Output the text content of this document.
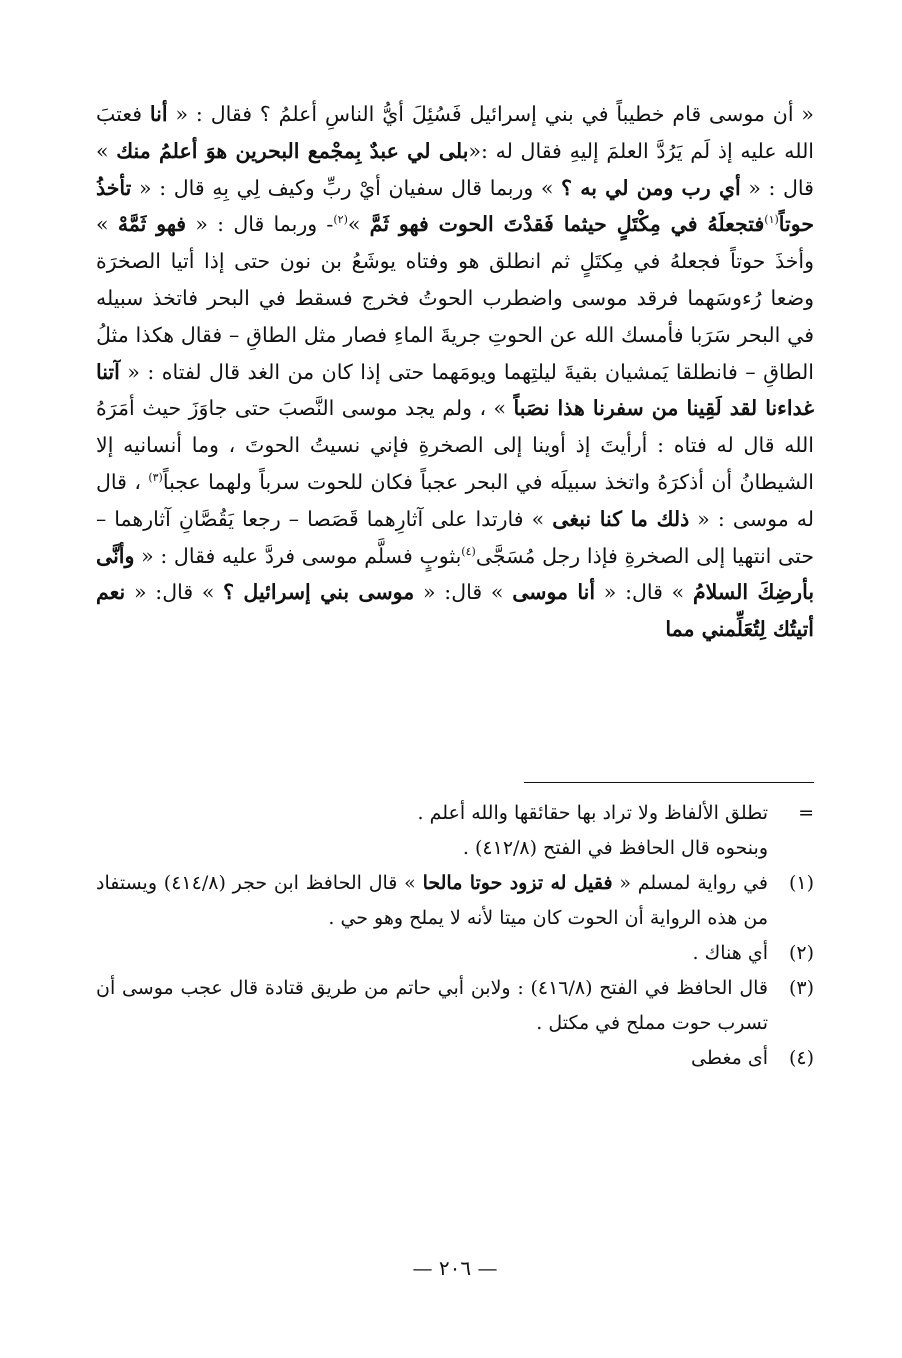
« أن موسى قام خطيباً في بني إسرائيل فَسُئِلَ أيُّ الناسِ أعلمُ ؟ فقال : « أنا فعتبَ الله عليه إذ لَم يَرُدَّ العلمَ إليهِ فقال له :«بلى لي عبدٌ بِمجْمع البحرين هوَ أعلمُ منك » قال : « أي رب ومن لي به ؟ » وربما قال سفيان أيْ ربِّ وكيف لِي بِهِ قال : « تأخذُ حوتاً$^{(١)}$فتجعلَهُ في مِكْتَلٍ حيثما فَقدْتَ الحوت فهو ثَمَّ »$^{(٢)}$- وربما قال : « فهو ثَمَّهْ » وأخذَ حوتاً فجعلهُ في مِكتَلٍ ثم انطلق هو وفتاه يوشَعُ بن نون حتى إذا أتيا الصخرَة وضعا رُءوسَهما فرقد موسى واضطرب الحوتُ فخرج فسقط في البحر فاتخذ سبيله في البحر سَرَبا فأمسك الله عن الحوتِ جريةَ الماءِ فصار مثل الطاقِ – فقال هكذا مثلُ الطاقِ – فانطلقا يَمشيان بقيةَ ليلتِهما ويومَهما حتى إذا كان من الغد قال لفتاه : « آتنا غداءنا لقد لَقِينا من سفرنا هذا نصَباً » ، ولم يجد موسى النَّصبَ حتى جاوَزَ حيث أمَرَهُ الله قال له فتاه : أرأيتَ إذ أوينا إلى الصخرةِ فإني نسيتُ الحوتَ ، وما أنسانيه إلا الشيطانُ أن أذكرَهُ واتخذ سبيلَه في البحر عجباً فكان للحوت سرباً ولهما عجباً$^{(٣)}$ ، قال له موسى : « ذلك ما كنا نبغى » فارتدا على آثارِهما قَصَصا – رجعا يَقُصَّانِ آثارهما – حتى انتهيا إلى الصخرةِ فإذا رجل مُسَجَّى$^{(٤)}$بثوبٍ فسلَّم موسى فردَّ عليه فقال : « وأنَّى بأرضِكَ السلامُ » قال: « أنا موسى » قال: « موسى بني إسرائيل ؟ » قال: « نعم أتيتُك لِتُعَلِّمني مما

=
تطلق الألفاظ ولا تراد بها حقائقها والله أعلم .
وبنحوه قال الحافظ في الفتح (٤١٢/٨) .
(١)
في رواية لمسلم « فقيل له تزود حوتا مالحا » قال الحافظ ابن حجر (٤١٤/٨) ويستفاد من هذه الرواية أن الحوت كان ميتا لأنه لا يملح وهو حي .
(٢)
أي هناك .
(٣)
قال الحافظ في الفتح (٤١٦/٨) : ولابن أبي حاتم من طريق قتادة قال عجب موسى أن تسرب حوت مملح في مكتل .
(٤)
أى مغطى
— ٢٠٦ —
